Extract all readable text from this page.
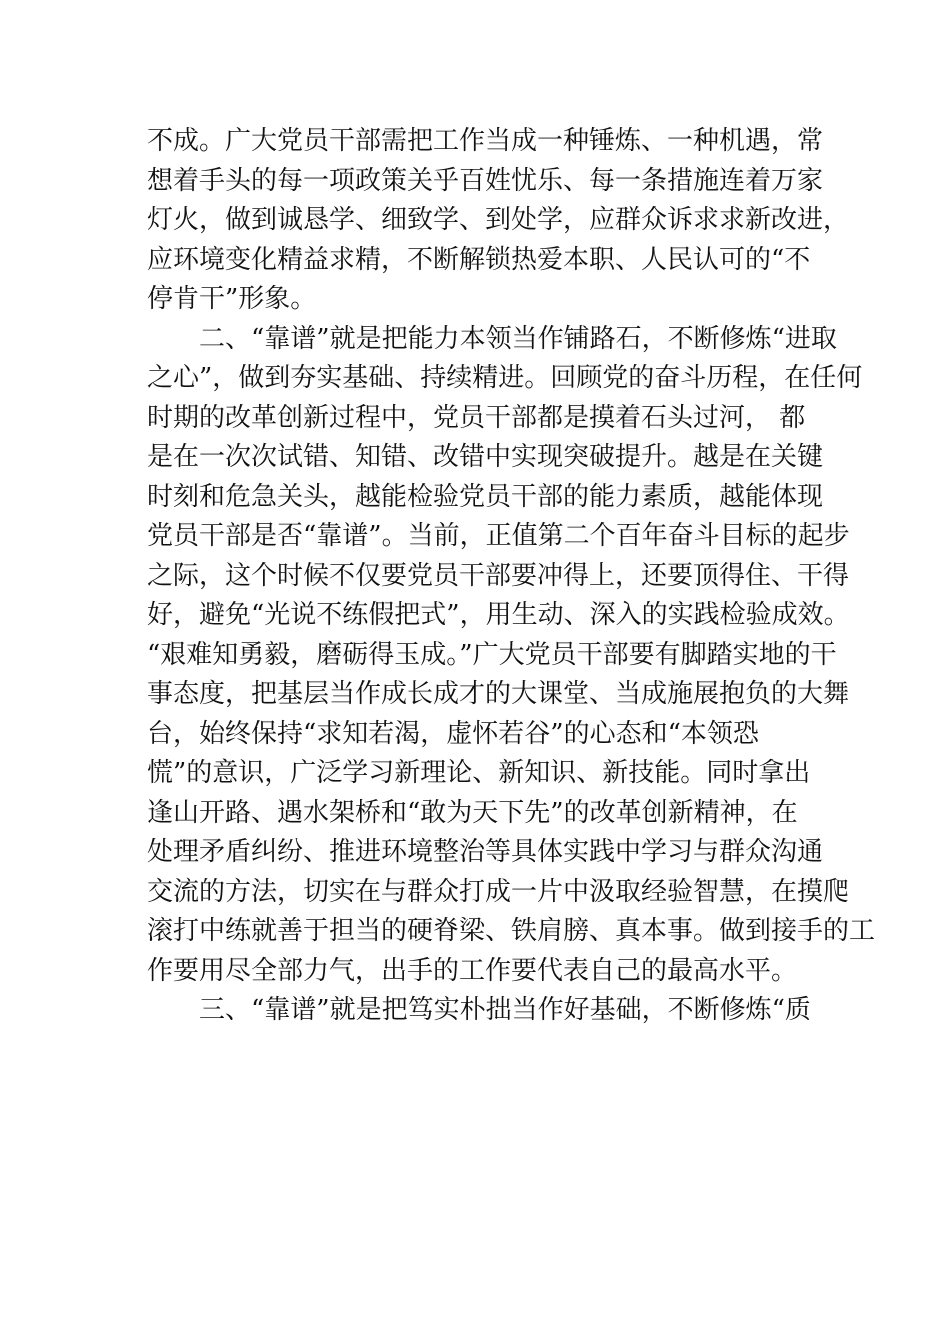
不成。广大党员干部需把工作当成一种锤炼、一种机遇，常
想着手头的每一项政策关乎百姓忧乐、每一条措施连着万家
灯火，做到诚恳学、细致学、到处学，应群众诉求求新改进，
应环境变化精益求精，不断解锁热爱本职、人民认可的“不
停肯干”形象。
二、“靠谱”就是把能力本领当作铺路石，不断修炼“进取
之心”，做到夯实基础、持续精进。回顾党的奋斗历程，在任何
时期的改革创新过程中，党员干部都是摸着石头过河， 都
是在一次次试错、知错、改错中实现突破提升。越是在关键
时刻和危急关头，越能检验党员干部的能力素质，越能体现
党员干部是否“靠谱”。当前，正值第二个百年奋斗目标的起步
之际，这个时候不仅要党员干部要冲得上，还要顶得住、干得
好，避免“光说不练假把式”，用生动、深入的实践检验成效。
“艰难知勇毅，磨砺得玉成。”广大党员干部要有脚踏实地的干
事态度，把基层当作成长成才的大课堂、当成施展抱负的大舞
台，始终保持“求知若渴，虚怀若谷”的心态和“本领恐
慌”的意识，广泛学习新理论、新知识、新技能。同时拿出
逢山开路、遇水架桥和“敢为天下先”的改革创新精神，在
处理矛盾纠纷、推进环境整治等具体实践中学习与群众沟通
交流的方法，切实在与群众打成一片中汲取经验智慧，在摸爬
滚打中练就善于担当的硬脊梁、铁肩膀、真本事。做到接手的工
作要用尽全部力气，出手的工作要代表自己的最高水平。
三、“靠谱”就是把笃实朴拙当作好基础，不断修炼“质
